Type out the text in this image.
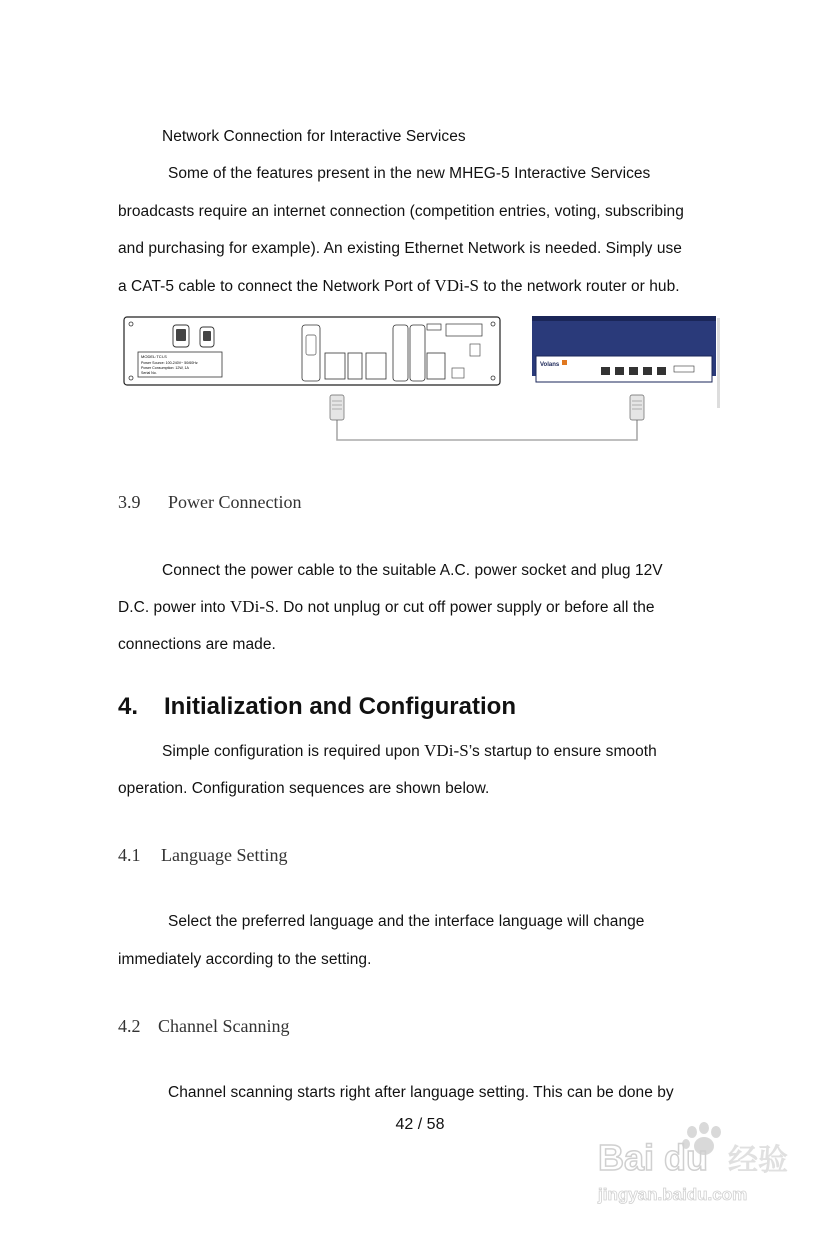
Network Connection for Interactive Services
Some of the features present in the new MHEG-5 Interactive Services
broadcasts require an internet connection (competition entries, voting, subscribing
and purchasing for example). An existing Ethernet Network is needed. Simply use
a CAT-5 cable to connect the Network Port of VDi-S to the network router or hub.
MODEL:TCI-S
Power Source: 100-240V~ 50/60Hz
Power Consumption: 12W, 1A
Serial No.
Volans
3.9 Power Connection
Connect the power cable to the suitable A.C. power socket and plug 12V
D.C. power into VDi-S. Do not unplug or cut off power supply or before all the
connections are made.
4. Initialization and Configuration
Simple configuration is required upon VDi-S’s startup to ensure smooth
operation. Configuration sequences are shown below.
4.1 Language Setting
Select the preferred language and the interface language will change
immediately according to the setting.
4.2 Channel Scanning
Channel scanning starts right after language setting. This can be done by
42 / 58
Bai du 经验
jingyan.baidu.com
